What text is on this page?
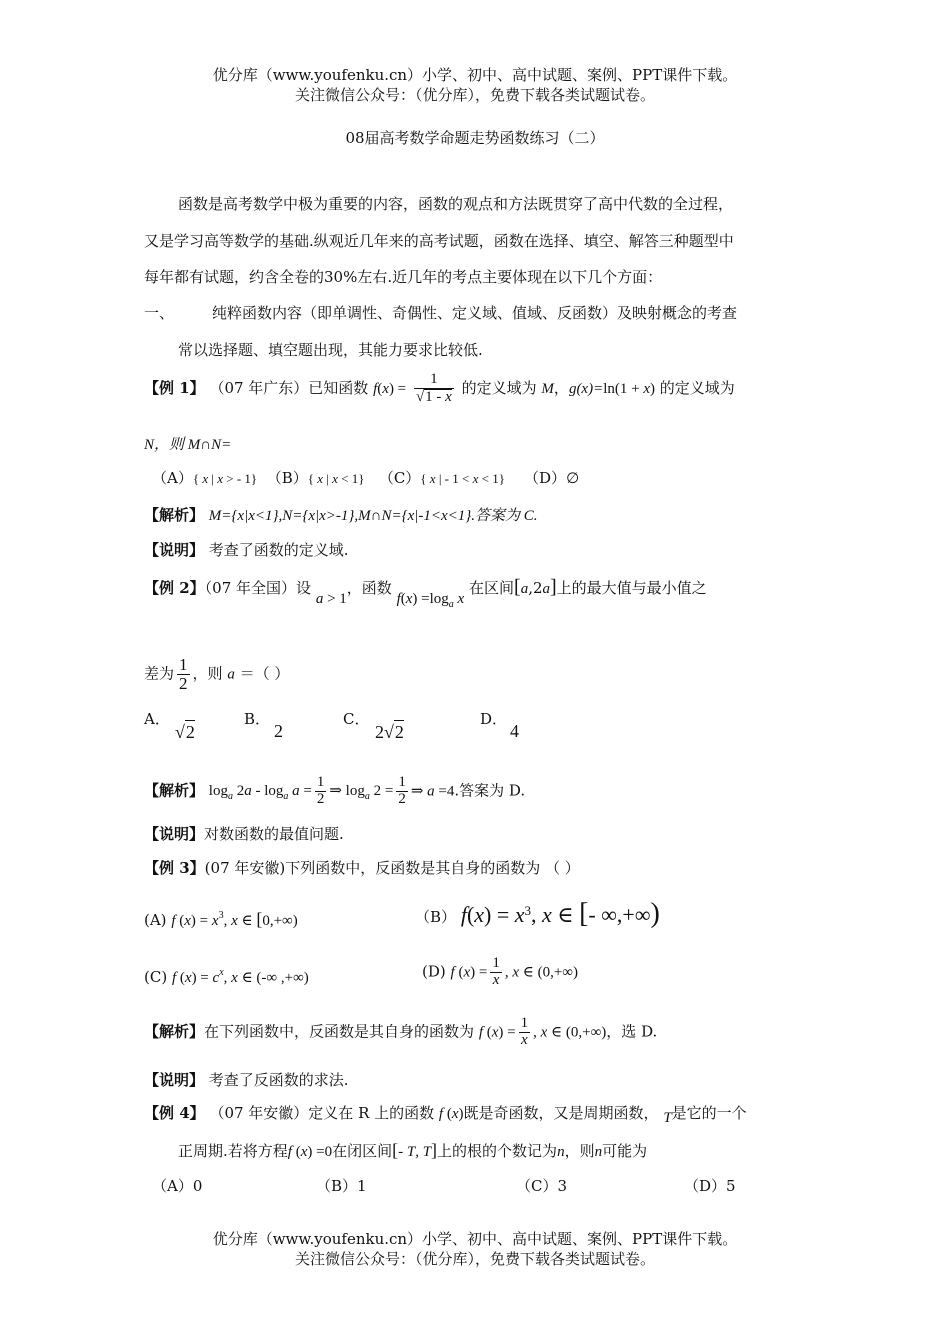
优分库（www.youfenku.cn）小学、初中、高中试题、案例、PPT课件下载。
关注微信公众号：（优分库），免费下载各类试题试卷。
08届高考数学命题走势函数练习（二）
函数是高考数学中极为重要的内容，函数的观点和方法既贯穿了高中代数的全过程，
又是学习高等数学的基础.纵观近几年来的高考试题，函数在选择、填空、解答三种题型中
每年都有试题，约含全卷的30%左右.近几年的考点主要体现在以下几个方面：
一、	纯粹函数内容（即单调性、奇偶性、定义域、值域、反函数）及映射概念的考查
常以选择题、填空题出现，其能力要求比较低.
【例 1】 （07 年广东）已知函数 $f(x) = \frac{1}{√1 - x}$ 的定义域为 M，g(x)=ln(1 + x) 的定义域为
N，则 M∩N=
（A）{ x | x > - 1} （B）{ x | x < 1} （C）{ x | - 1 < x < 1} （D）∅
【解析】 M={x|x<1},N={x|x>-1},M∩N={x|-1<x<1}.答案为 C.
【说明】 考查了函数的定义域.
【例 2】（07 年全国）设 a > 1，函数 $f(x) =\log_a$ x 在区间[a,2a]上的最大值与最小值之
差为 $\frac{1}{2}$ ，则 a ＝（ ）
A．
√2
B．
2
C．
2√2
D．
4
【解析】 $\log_a 2a - \log_a a = \frac{1}{2}$ ⇒ $\log_a 2 = \frac{1}{2}$ ⇒ a =4.答案为 D.
【说明】对数函数的最值问题.
【例 3】(07 年安徽)下列函数中，反函数是其自身的函数为 （ ）
(A) f $(x) = x^3$, x ∈ [0,+∞)	（B） $f(x) = x^3$, x ∈ [- ∞,+∞)
(C) f $(x) = c^x$, x ∈ (-∞ ,+∞)	(D) f $(x) = \frac{1}{x}$ , x ∈ (0,+∞)
【解析】在下列函数中，反函数是其自身的函数为 f $(x) = \frac{1}{x}$ , x ∈ (0,+∞)，选 D.
【说明】 考查了反函数的求法.
【例 4】 （07 年安徽）定义在 R 上的函数 f (x)既是奇函数，又是周期函数， T是它的一个
正周期.若将方程f (x) =0在闭区间[- T, T]上的根的个数记为n，则n可能为
（A）0	（B）1	（C）3	（D）5
优分库（www.youfenku.cn）小学、初中、高中试题、案例、PPT课件下载。
关注微信公众号：（优分库），免费下载各类试题试卷。
